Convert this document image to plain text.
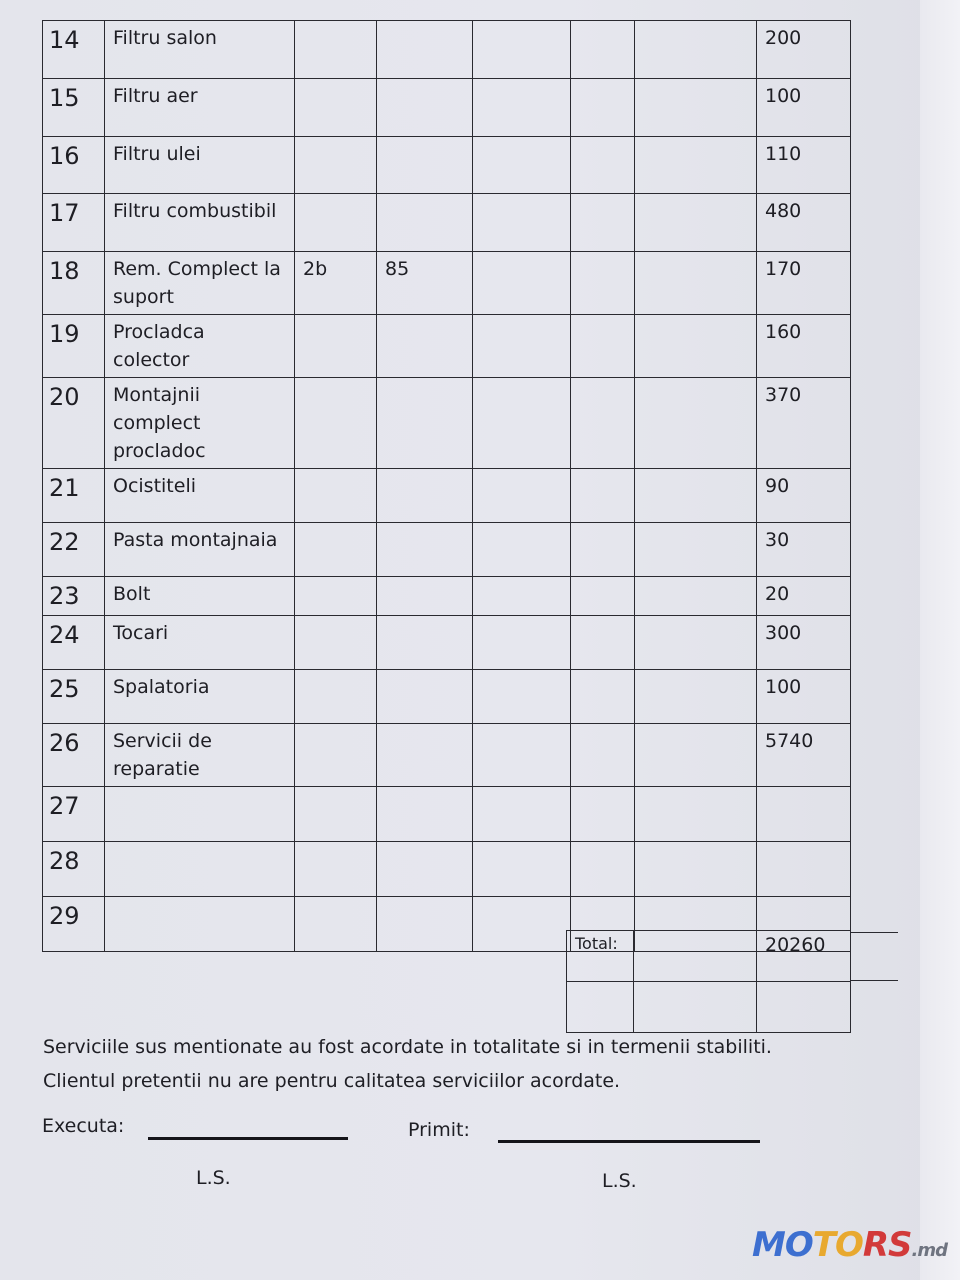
14	Filtru salon						200
15	Filtru aer						100
16	Filtru ulei						110
17	Filtru combustibil						480
18	Rem. Complect la suport	2b	85				170
19	Procladca colector						160
20	Montajnii complect procladoc						370
21	Ocistiteli						90
22	Pasta montajnaia						30
23	Bolt						20
24	Tocari						300
25	Spalatoria						100
26	Servicii de reparatie						5740
27							
28							
29							
Total:		20260

Serviciile sus mentionate au fost acordate in totalitate si in termenii stabiliti.
Clientul pretentii nu are pentru calitatea serviciilor acordate.
Executa:	Primit:
L.S.	L.S.
MOTORS.md
